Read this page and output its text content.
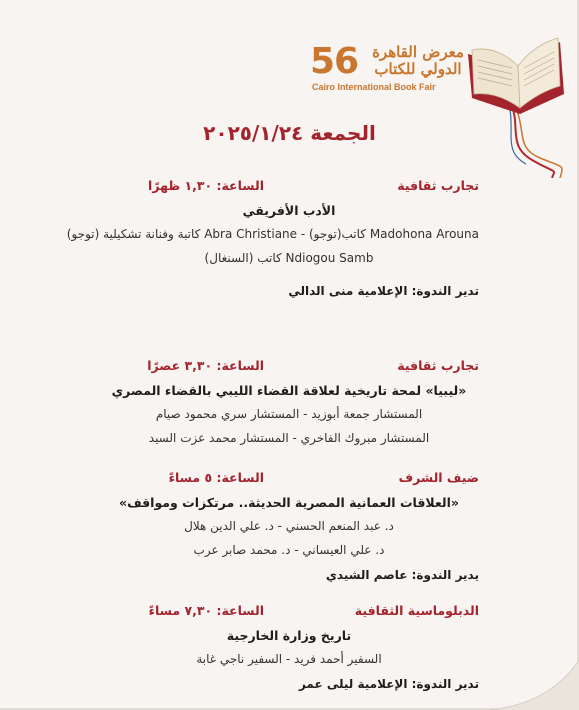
56 معرض القاهرة الدولي للكتاب
Cairo International Book Fair
الجمعة ٢٠٢٥/١/٢٤
تجارب ثقافية
الساعة: ١,٣٠ ظهرًا
الأدب الأفريقي
Madohona Arouna كاتب(توجو) - Abra Christiane كاتبة وفنانة تشكيلية (توجو)
Ndiogou Samb كاتب (السنغال)
تدير الندوة: الإعلامية منى الدالي
تجارب ثقافية
الساعة: ٣,٣٠ عصرًا
«ليبيا» لمحة تاريخية لعلاقة القضاء الليبي بالقضاء المصري
المستشار جمعة أبوزيد - المستشار سري محمود صيام
المستشار مبروك الفاخري - المستشار محمد عزت السيد
ضيف الشرف
الساعة: ٥ مساءً
«العلاقات العمانية المصرية الحديثة.. مرتكزات ومواقف»
د. عبد المنعم الحسني - د. علي الدين هلال
د. علي العيساني - د. محمد صابر عرب
يدير الندوة: عاصم الشيدي
الدبلوماسية الثقافية
الساعة: ٧,٣٠ مساءً
تاريخ وزارة الخارجية
السفير أحمد فريد - السفير ناجي غابة
تدير الندوة: الإعلامية ليلى عمر
